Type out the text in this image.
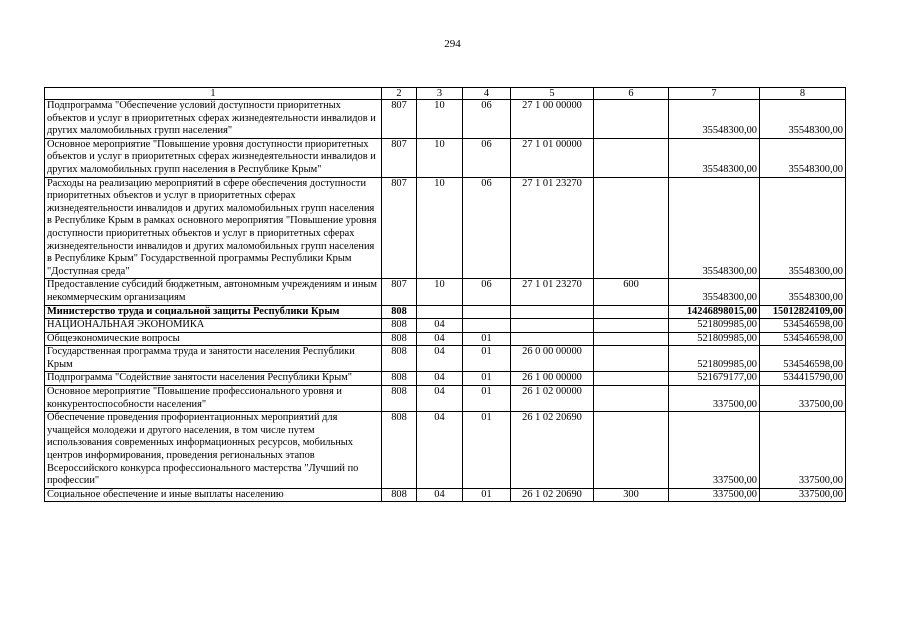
294
1	2	3	4	5	6	7	8
Подпрограмма "Обеспечение условий доступности приоритетных объектов и услуг в приоритетных сферах жизнедеятельности инвалидов и других маломобильных групп населения"	807	10	06	27 1 00 00000		35548300,00	35548300,00
Основное мероприятие "Повышение уровня доступности приоритетных объектов и услуг в приоритетных сферах жизнедеятельности инвалидов и других маломобильных групп населения в Республике Крым"	807	10	06	27 1 01 00000		35548300,00	35548300,00
Расходы на реализацию мероприятий в сфере обеспечения доступности приоритетных объектов и услуг в приоритетных сферах жизнедеятельности инвалидов и других маломобильных групп населения в Республике Крым в рамках основного мероприятия "Повышение уровня доступности приоритетных объектов и услуг в приоритетных сферах жизнедеятельности инвалидов и других маломобильных групп населения в Республике Крым" Государственной программы Республики Крым "Доступная среда"	807	10	06	27 1 01 23270		35548300,00	35548300,00
Предоставление субсидий бюджетным, автономным учреждениям и иным некоммерческим организациям	807	10	06	27 1 01 23270	600	35548300,00	35548300,00
Министерство труда и социальной защиты Республики Крым	808					14246898015,00	15012824109,00
НАЦИОНАЛЬНАЯ ЭКОНОМИКА	808	04				521809985,00	534546598,00
Общеэкономические вопросы	808	04	01			521809985,00	534546598,00
Государственная программа труда и занятости населения Республики Крым	808	04	01	26 0 00 00000		521809985,00	534546598,00
Подпрограмма "Содействие занятости населения Республики Крым"	808	04	01	26 1 00 00000		521679177,00	534415790,00
Основное мероприятие "Повышение профессионального уровня и конкурентоспособности населения"	808	04	01	26 1 02 00000		337500,00	337500,00
Обеспечение проведения профориентационных мероприятий для учащейся молодежи и другого населения, в том числе путем использования современных информационных ресурсов, мобильных центров информирования, проведения региональных этапов Всероссийского конкурса профессионального мастерства "Лучший по профессии"	808	04	01	26 1 02 20690		337500,00	337500,00
Социальное обеспечение и иные выплаты населению	808	04	01	26 1 02 20690	300	337500,00	337500,00
